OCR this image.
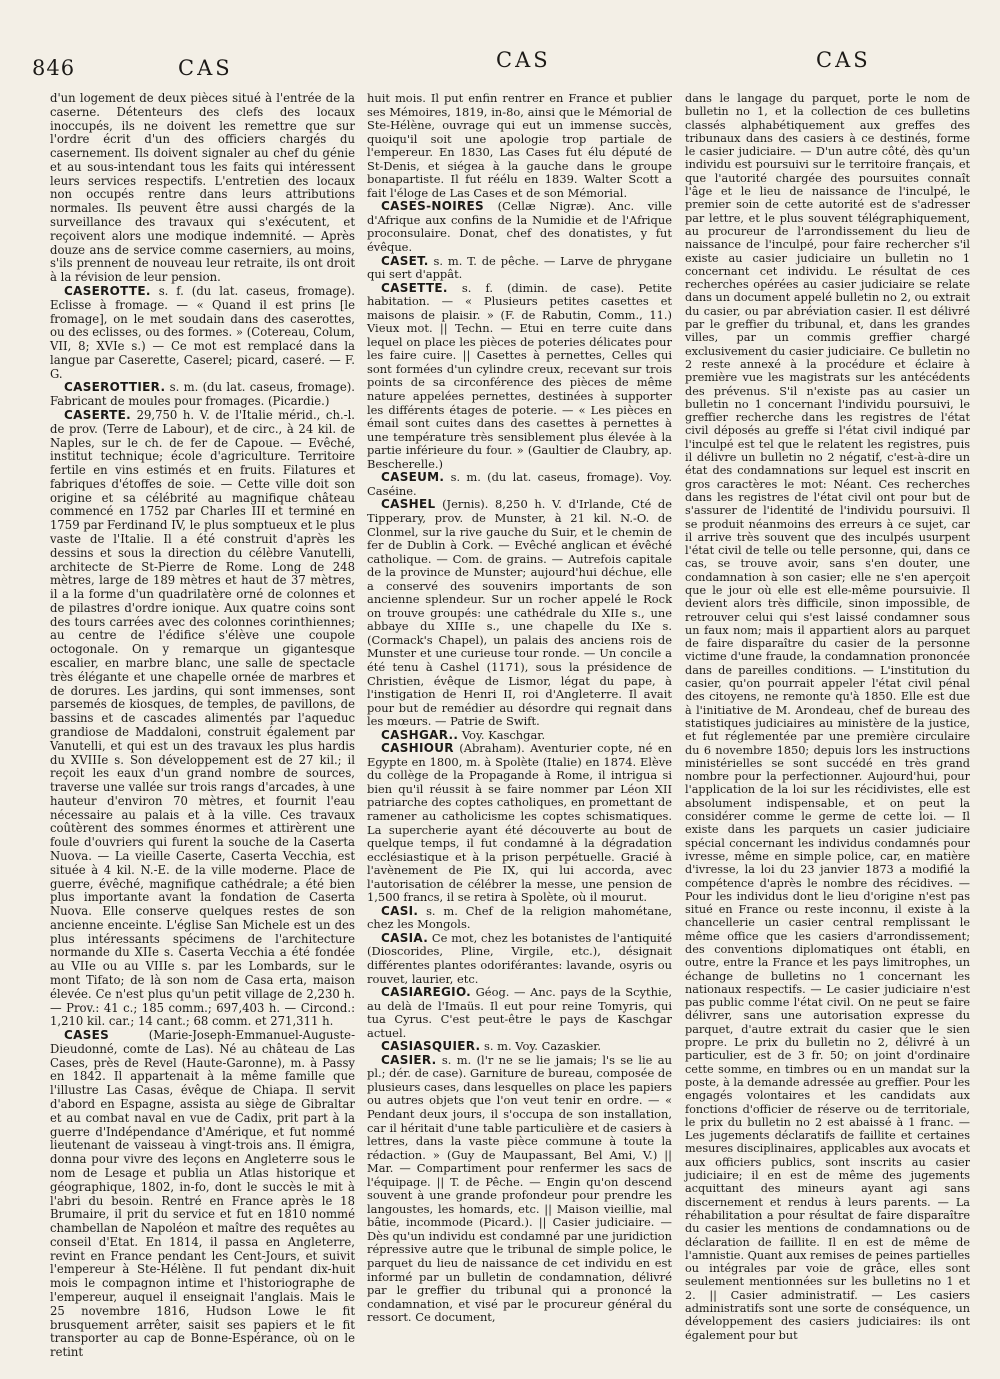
846	CAS	CAS	CAS

d'un logement de deux pièces situé à l'entrée de la caserne. Détenteurs des clefs des locaux inoccupés, ils ne doivent les remettre que sur l'ordre écrit d'un des officiers chargés du casernement. Ils doivent signaler au chef du génie et au sous-intendant tous les faits qui intéressent leurs services respectifs. L'entretien des locaux non occupés rentre dans leurs attributions normales. Ils peuvent être aussi chargés de la surveillance des travaux qui s'exécutent, et reçoivent alors une modique indemnité. — Après douze ans de service comme caserniers, au moins, s'ils prennent de nouveau leur retraite, ils ont droit à la révision de leur pension.

CASEROTTE. s. f. (du lat. caseus, fromage). Eclisse à fromage. — « Quand il est prins [le fromage], on le met soudain dans des caserottes, ou des eclisses, ou des formes. » (Cotereau, Colum, VII, 8; XVIe s.) — Ce mot est remplacé dans la langue par Caserette, Caserel; picard, caseré. — F. G.

CASEROTTIER. s. m. (du lat. caseus, fromage). Fabricant de moules pour fromages. (Picardie.)

CASERTE. 29,750 h. V. de l'Italie mérid., ch.-l. de prov. (Terre de Labour), et de circ., à 24 kil. de Naples, sur le ch. de fer de Capoue. — Evêché, institut technique; école d'agriculture. Territoire fertile en vins estimés et en fruits. Filatures et fabriques d'étoffes de soie. — Cette ville doit son origine et sa célébrité au magnifique château commencé en 1752 par Charles III et terminé en 1759 par Ferdinand IV, le plus somptueux et le plus vaste de l'Italie. Il a été construit d'après les dessins et sous la direction du célèbre Vanutelli, architecte de St-Pierre de Rome. Long de 248 mètres, large de 189 mètres et haut de 37 mètres, il a la forme d'un quadrilatère orné de colonnes et de pilastres d'ordre ionique. Aux quatre coins sont des tours carrées avec des colonnes corinthiennes; au centre de l'édifice s'élève une coupole octogonale. On y remarque un gigantesque escalier, en marbre blanc, une salle de spectacle très élégante et une chapelle ornée de marbres et de dorures. Les jardins, qui sont immenses, sont parsemés de kiosques, de temples, de pavillons, de bassins et de cascades alimentés par l'aqueduc grandiose de Maddaloni, construit également par Vanutelli, et qui est un des travaux les plus hardis du XVIIIe s. Son développement est de 27 kil.; il reçoit les eaux d'un grand nombre de sources, traverse une vallée sur trois rangs d'arcades, à une hauteur d'environ 70 mètres, et fournit l'eau nécessaire au palais et à la ville. Ces travaux coûtèrent des sommes énormes et attirèrent une foule d'ouvriers qui furent la souche de la Caserta Nuova. — La vieille Caserte, Caserta Vecchia, est située à 4 kil. N.-E. de la ville moderne. Place de guerre, évêché, magnifique cathédrale; a été bien plus importante avant la fondation de Caserta Nuova. Elle conserve quelques restes de son ancienne enceinte. L'église San Michele est un des plus intéressants spécimens de l'architecture normande du XIIe s. Caserta Vecchia a été fondée au VIIe ou au VIIIe s. par les Lombards, sur le mont Tifato; de là son nom de Casa erta, maison élevée. Ce n'est plus qu'un petit village de 2,230 h. — Prov.: 41 c.; 185 comm.; 697,403 h. — Circond.: 1,210 kil. car.; 14 cant.; 68 comm. et 271,311 h.

CASES	(Marie-Joseph-Emmanuel-Auguste-Dieudonné, comte de Las). Né au château de Las Cases, près de Revel (Haute-Garonne), m. à Passy en 1842. Il appartenait à la même famille que l'illustre Las Casas, évêque de Chiapa. Il servit d'abord en Espagne, assista au siège de Gibraltar et au combat naval en vue de Cadix, prit part à la guerre d'Indépendance d'Amérique, et fut nommé lieutenant de vaisseau à vingt-trois ans. Il émigra, donna pour vivre des leçons en Angleterre sous le nom de Lesage et publia un Atlas historique et géographique, 1802, in-fo, dont le succès le mit à l'abri du besoin. Rentré en France après le 18 Brumaire, il prit du service et fut en 1810 nommé chambellan de Napoléon et maître des requêtes au conseil d'Etat. En 1814, il passa en Angleterre, revint en France pendant les Cent-Jours, et suivit l'empereur à Ste-Hélène. Il fut pendant dix-huit mois le compagnon intime et l'historiographe de l'empereur, auquel il enseignait l'anglais. Mais le 25 novembre 1816, Hudson Lowe le fit brusquement arrêter, saisit ses papiers et le fit transporter au cap de Bonne-Espérance, où on le retint

huit mois. Il put enfin rentrer en France et publier ses Mémoires, 1819, in-8o, ainsi que le Mémorial de Ste-Hélène, ouvrage qui eut un immense succès, quoiqu'il soit une apologie trop partiale de l'empereur. En 1830, Las Cases fut élu député de St-Denis, et siégea à la gauche dans le groupe bonapartiste. Il fut réélu en 1839. Walter Scott a fait l'éloge de Las Cases et de son Mémorial.

CASES-NOIRES (Cellæ Nigræ). Anc. ville d'Afrique aux confins de la Numidie et de l'Afrique proconsulaire. Donat, chef des donatistes, y fut évêque.

CASET. s. m. T. de pêche. — Larve de phrygane qui sert d'appât.

CASETTE. s. f. (dimin. de case). Petite habitation. — « Plusieurs petites casettes et maisons de plaisir. » (F. de Rabutin, Comm., 11.) Vieux mot. || Techn. — Etui en terre cuite dans lequel on place les pièces de poteries délicates pour les faire cuire. || Casettes à pernettes, Celles qui sont formées d'un cylindre creux, recevant sur trois points de sa circonférence des pièces de même nature appelées pernettes, destinées à supporter les différents étages de poterie. — « Les pièces en émail sont cuites dans des casettes à pernettes à une température très sensiblement plus élevée à la partie inférieure du four. » (Gaultier de Claubry, ap. Bescherelle.)

CASEUM. s. m. (du lat. caseus, fromage). Voy. Caséine.

CASHEL (Jernis). 8,250 h. V. d'Irlande, Cté de Tipperary, prov. de Munster, à 21 kil. N.-O. de Clonmel, sur la rive gauche du Suir, et le chemin de fer de Dublin à Cork. — Evêché anglican et évêché catholique. — Com. de grains. — Autrefois capitale de la province de Munster; aujourd'hui déchue, elle a conservé des souvenirs importants de son ancienne splendeur. Sur un rocher appelé le Rock on trouve groupés: une cathédrale du XIIe s., une abbaye du XIIIe s., une chapelle du IXe s. (Cormack's Chapel), un palais des anciens rois de Munster et une curieuse tour ronde. — Un concile a été tenu à Cashel (1171), sous la présidence de Christien, évêque de Lismor, légat du pape, à l'instigation de Henri II, roi d'Angleterre. Il avait pour but de remédier au désordre qui regnait dans les mœurs. — Patrie de Swift.

CASHGAR.. Voy. Kaschgar.

CASHIOUR (Abraham). Aventurier copte, né en Egypte en 1800, m. à Spolète (Italie) en 1874. Elève du collège de la Propagande à Rome, il intrigua si bien qu'il réussit à se faire nommer par Léon XII patriarche des coptes catholiques, en promettant de ramener au catholicisme les coptes schismatiques. La supercherie ayant été découverte au bout de quelque temps, il fut condamné à la dégradation ecclésiastique et à la prison perpétuelle. Gracié à l'avènement de Pie IX, qui lui accorda, avec l'autorisation de célébrer la messe, une pension de 1,500 francs, il se retira à Spolète, où il mourut.

CASI. s. m. Chef de la religion mahométane, chez les Mongols.

CASIA. Ce mot, chez les botanistes de l'antiquité (Dioscorides, Pline, Virgile, etc.), désignait différentes plantes odoriférantes: lavande, osyris ou rouvet, laurier, etc.

CASIAREGIO. Géog. — Anc. pays de la Scythie, au delà de l'Imaüs. Il eut pour reine Tomyris, qui tua Cyrus. C'est peut-être le pays de Kaschgar actuel.

CASIASQUIER. s. m. Voy. Cazaskier.

CASIER. s. m. (l'r ne se lie jamais; l's se lie au pl.; dér. de case). Garniture de bureau, composée de plusieurs cases, dans lesquelles on place les papiers ou autres objets que l'on veut tenir en ordre. — « Pendant deux jours, il s'occupa de son installation, car il héritait d'une table particulière et de casiers à lettres, dans la vaste pièce commune à toute la rédaction. » (Guy de Maupassant, Bel Ami, V.) || Mar. — Compartiment pour renfermer les sacs de l'équipage. || T. de Pêche. — Engin qu'on descend souvent à une grande profondeur pour prendre les langoustes, les homards, etc. || Maison vieillie, mal bâtie, incommode (Picard.). || Casier judiciaire. — Dès qu'un individu est condamné par une juridiction répressive autre que le tribunal de simple police, le parquet du lieu de naissance de cet individu en est informé par un bulletin de condamnation, délivré par le greffier du tribunal qui a prononcé la condamnation, et visé par le procureur général du ressort. Ce document,

dans le langage du parquet, porte le nom de bulletin no 1, et la collection de ces bulletins classés alphabétiquement aux greffes des tribunaux dans des casiers à ce destinés, forme le casier judiciaire. — D'un autre côté, dès qu'un individu est poursuivi sur le territoire français, et que l'autorité chargée des poursuites connaît l'âge et le lieu de naissance de l'inculpé, le premier soin de cette autorité est de s'adresser par lettre, et le plus souvent télégraphiquement, au procureur de l'arrondissement du lieu de naissance de l'inculpé, pour faire rechercher s'il existe au casier judiciaire un bulletin no 1 concernant cet individu. Le résultat de ces recherches opérées au casier judiciaire se relate dans un document appelé bulletin no 2, ou extrait du casier, ou par abréviation casier. Il est délivré par le greffier du tribunal, et, dans les grandes villes, par un commis greffier chargé exclusivement du casier judiciaire. Ce bulletin no 2 reste annexé à la procédure et éclaire à première vue les magistrats sur les antécédents des prévenus. S'il n'existe pas au casier un bulletin no 1 concernant l'individu poursuivi, le greffier recherche dans les registres de l'état civil déposés au greffe si l'état civil indiqué par l'inculpé est tel que le relatent les registres, puis il délivre un bulletin no 2 négatif, c'est-à-dire un état des condamnations sur lequel est inscrit en gros caractères le mot: Néant. Ces recherches dans les registres de l'état civil ont pour but de s'assurer de l'identité de l'individu poursuivi. Il se produit néanmoins des erreurs à ce sujet, car il arrive très souvent que des inculpés usurpent l'état civil de telle ou telle personne, qui, dans ce cas, se trouve avoir, sans s'en douter, une condamnation à son casier; elle ne s'en aperçoit que le jour où elle est elle-même poursuivie. Il devient alors très difficile, sinon impossible, de retrouver celui qui s'est laissé condamner sous un faux nom; mais il appartient alors au parquet de faire disparaître du casier de la personne victime d'une fraude, la condamnation prononcée dans de pareilles conditions. — L'institution du casier, qu'on pourrait appeler l'état civil pénal des citoyens, ne remonte qu'à 1850. Elle est due à l'initiative de M. Arondeau, chef de bureau des statistiques judiciaires au ministère de la justice, et fut réglementée par une première circulaire du 6 novembre 1850; depuis lors les instructions ministérielles se sont succédé en très grand nombre pour la perfectionner. Aujourd'hui, pour l'application de la loi sur les récidivistes, elle est absolument indispensable, et on peut la considérer comme le germe de cette loi. — Il existe dans les parquets un casier judiciaire spécial concernant les individus condamnés pour ivresse, même en simple police, car, en matière d'ivresse, la loi du 23 janvier 1873 a modifié la compétence d'après le nombre des récidives. — Pour les individus dont le lieu d'origine n'est pas situé en France ou reste inconnu, il existe à la chancellerie un casier central remplissant le même office que les casiers d'arrondissement; des conventions diplomatiques ont établi, en outre, entre la France et les pays limitrophes, un échange de bulletins no 1 concernant les nationaux respectifs. — Le casier judiciaire n'est pas public comme l'état civil. On ne peut se faire délivrer, sans une autorisation expresse du parquet, d'autre extrait du casier que le sien propre. Le prix du bulletin no 2, délivré à un particulier, est de 3 fr. 50; on joint d'ordinaire cette somme, en timbres ou en un mandat sur la poste, à la demande adressée au greffier. Pour les engagés volontaires et les candidats aux fonctions d'officier de réserve ou de territoriale, le prix du bulletin no 2 est abaissé à 1 franc. — Les jugements déclaratifs de faillite et certaines mesures disciplinaires, applicables aux avocats et aux officiers publics, sont inscrits au casier judiciaire; il en est de même des jugements acquittant des mineurs ayant agi sans discernement et rendus à leurs parents. — La réhabilitation a pour résultat de faire disparaître du casier les mentions de condamnations ou de déclaration de faillite. Il en est de même de l'amnistie. Quant aux remises de peines partielles ou intégrales par voie de grâce, elles sont seulement mentionnées sur les bulletins no 1 et 2. || Casier administratif. — Les casiers administratifs sont une sorte de conséquence, un développement des casiers judiciaires: ils ont également pour but
